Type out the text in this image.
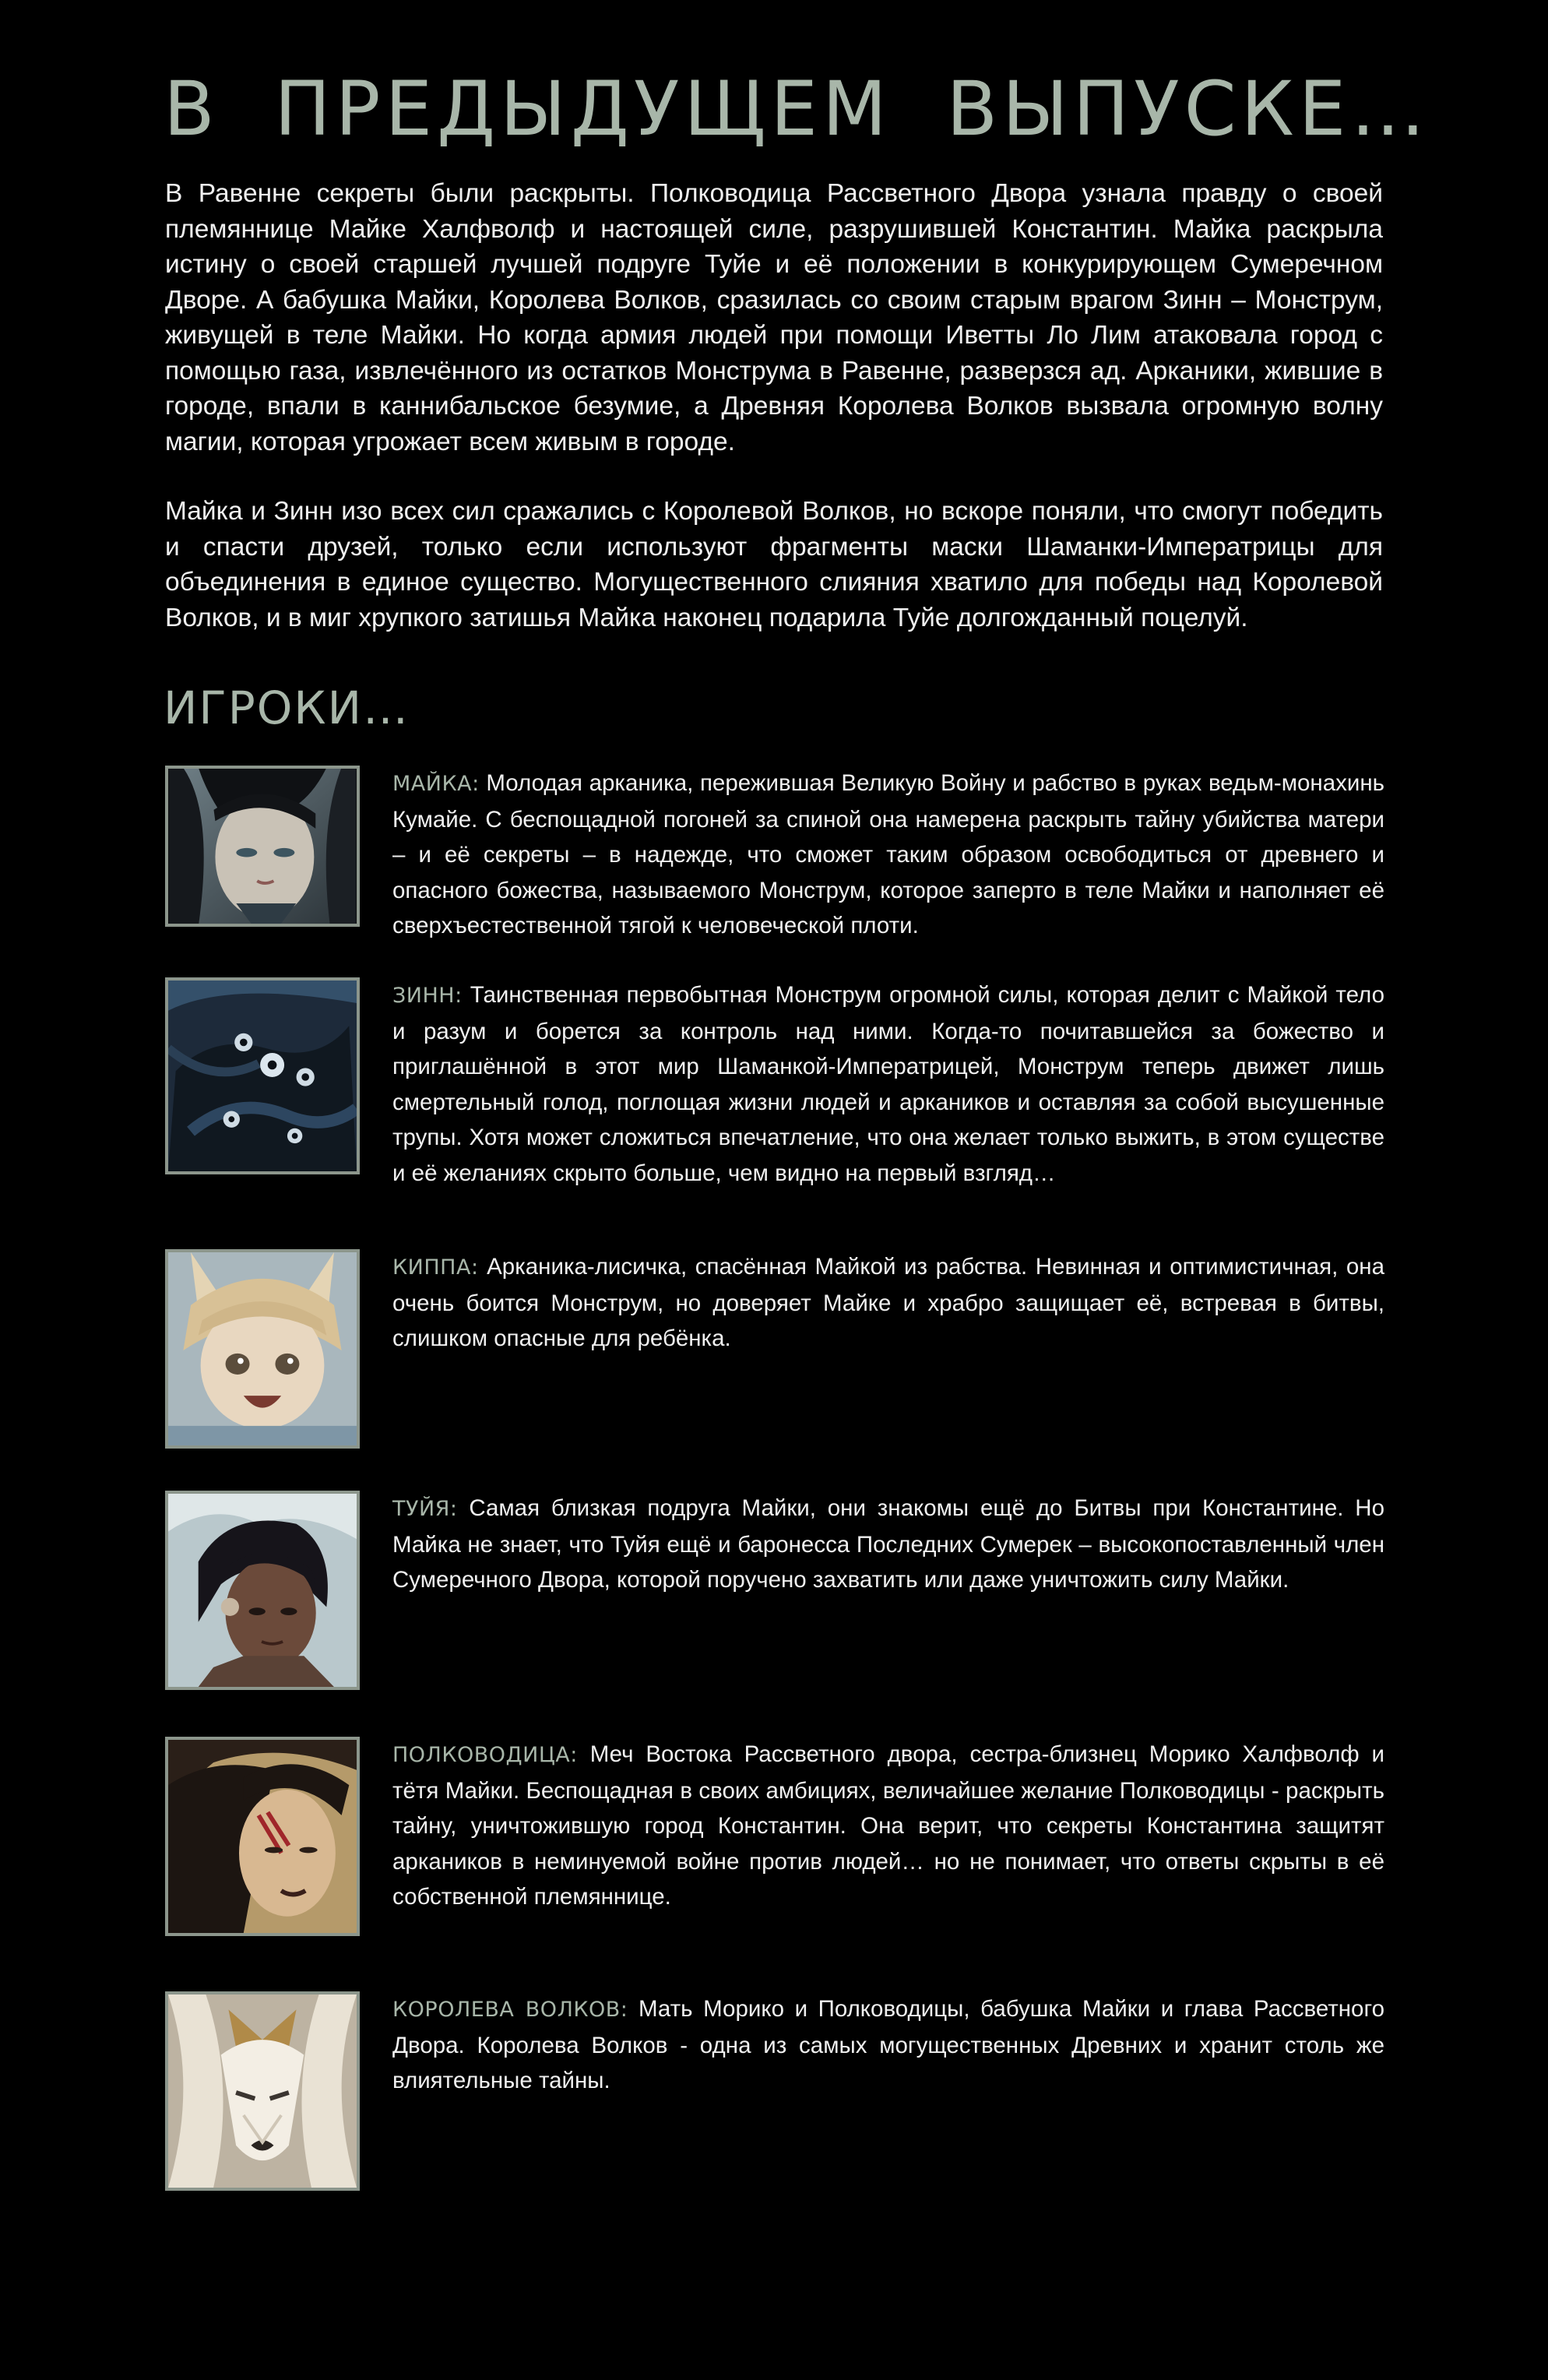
В ПРЕДЫДУЩЕМ ВЫПУСКЕ…

В Равенне секреты были раскрыты. Полководица Рассветного Двора узнала правду о своей племяннице Майке Халфволф и настоящей силе, разрушившей Константин. Майка раскрыла истину о своей старшей лучшей подруге Туйе и её положении в конкурирующем Сумеречном Дворе. А бабушка Майки, Королева Волков, сразилась со своим старым врагом Зинн – Монструм, живущей в теле Майки. Но когда армия людей при помощи Иветты Ло Лим атаковала город с помощью газа, извлечённого из остатков Монструма в Равенне, разверзся ад. Арканики, жившие в городе, впали в каннибальское безумие, а Древняя Королева Волков вызвала огромную волну магии, которая угрожает всем живым в городе.

Майка и Зинн изо всех сил сражались с Королевой Волков, но вскоре поняли, что смогут победить и спасти друзей, только если используют фрагменты маски Шаманки-Императрицы для объединения в единое существо. Могущественного слияния хватило для победы над Королевой Волков, и в миг хрупкого затишья Майка наконец подарила Туйе долгожданный поцелуй.

ИГРОКИ…
МАЙКА: Молодая арканика, пережившая Великую Войну и рабство в руках ведьм-монахинь Кумайе. С беспощадной погоней за спиной она намерена раскрыть тайну убийства матери – и её секреты – в надежде, что сможет таким образом освободиться от древнего и опасного божества, называемого Монструм, которое заперто в теле Майки и наполняет её сверхъестественной тягой к человеческой плоти.
ЗИНН: Таинственная первобытная Монструм огромной силы, которая делит с Майкой тело и разум и борется за контроль над ними. Когда-то почитавшейся за божество и приглашённой в этот мир Шаманкой-Императрицей, Монструм теперь движет лишь смертельный голод, поглощая жизни людей и аркаников и оставляя за собой высушенные трупы. Хотя может сложиться впечатление, что она желает только выжить, в этом существе и её желаниях скрыто больше, чем видно на первый взгляд…
КИППА: Арканика-лисичка, спасённая Майкой из рабства. Невинная и оптимистичная, она очень боится Монструм, но доверяет Майке и храбро защищает её, встревая в битвы, слишком опасные для ребёнка.
ТУЙЯ: Самая близкая подруга Майки, они знакомы ещё до Битвы при Константине. Но Майка не знает, что Туйя ещё и баронесса Последних Сумерек – высокопоставленный член Сумеречного Двора, которой поручено захватить или даже уничтожить силу Майки.
ПОЛКОВОДИЦА: Меч Востока Рассветного двора, сестра-близнец Морико Халфволф и тётя Майки. Беспощадная в своих амбициях, величайшее желание Полководицы - раскрыть тайну, уничтожившую город Константин. Она верит, что секреты Константина защитят аркаников в неминуемой войне против людей… но не понимает, что ответы скрыты в её собственной племяннице.
КОРОЛЕВА ВОЛКОВ: Мать Морико и Полководицы, бабушка Майки и глава Рассветного Двора. Королева Волков - одна из самых могущественных Древних и хранит столь же влиятельные тайны.
